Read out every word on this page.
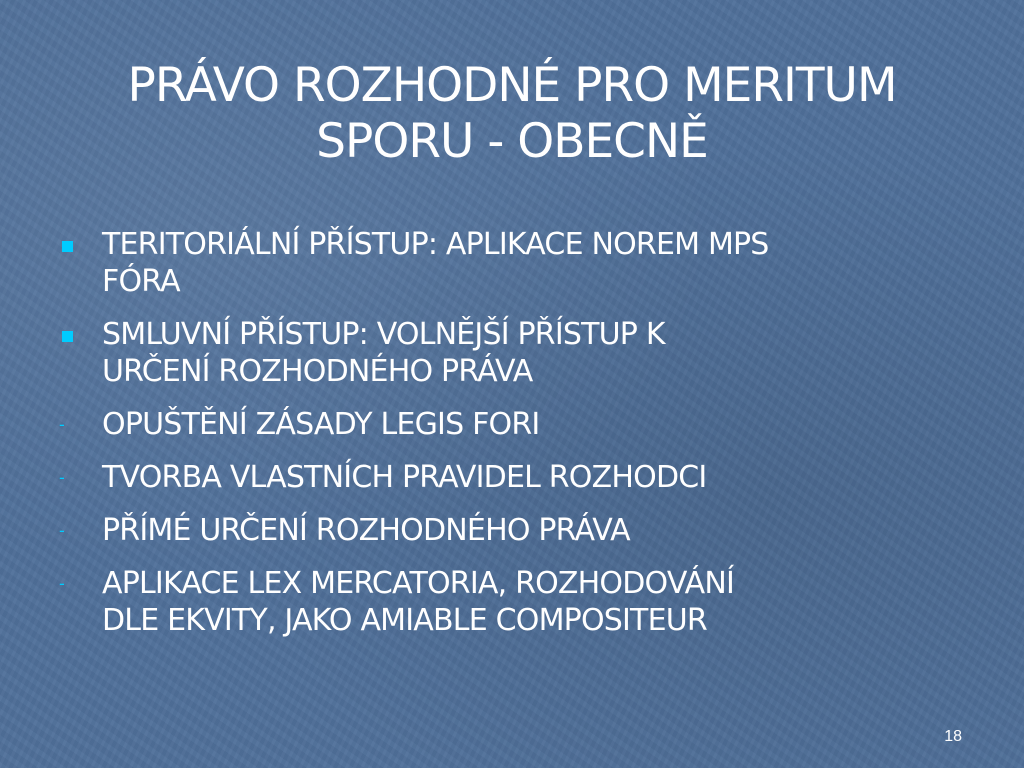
PRÁVO ROZHODNÉ PRO MERITUM
SPORU - OBECNĚ
TERITORIÁLNÍ PŘÍSTUP: APLIKACE NOREM MPS
FÓRA
SMLUVNÍ PŘÍSTUP: VOLNĚJŠÍ PŘÍSTUP K
URČENÍ ROZHODNÉHO PRÁVA
- OPUŠTĚNÍ ZÁSADY LEGIS FORI
- TVORBA VLASTNÍCH PRAVIDEL ROZHODCI
- PŘÍMÉ URČENÍ ROZHODNÉHO PRÁVA
- APLIKACE LEX MERCATORIA, ROZHODOVÁNÍ
DLE EKVITY, JAKO AMIABLE COMPOSITEUR
18
